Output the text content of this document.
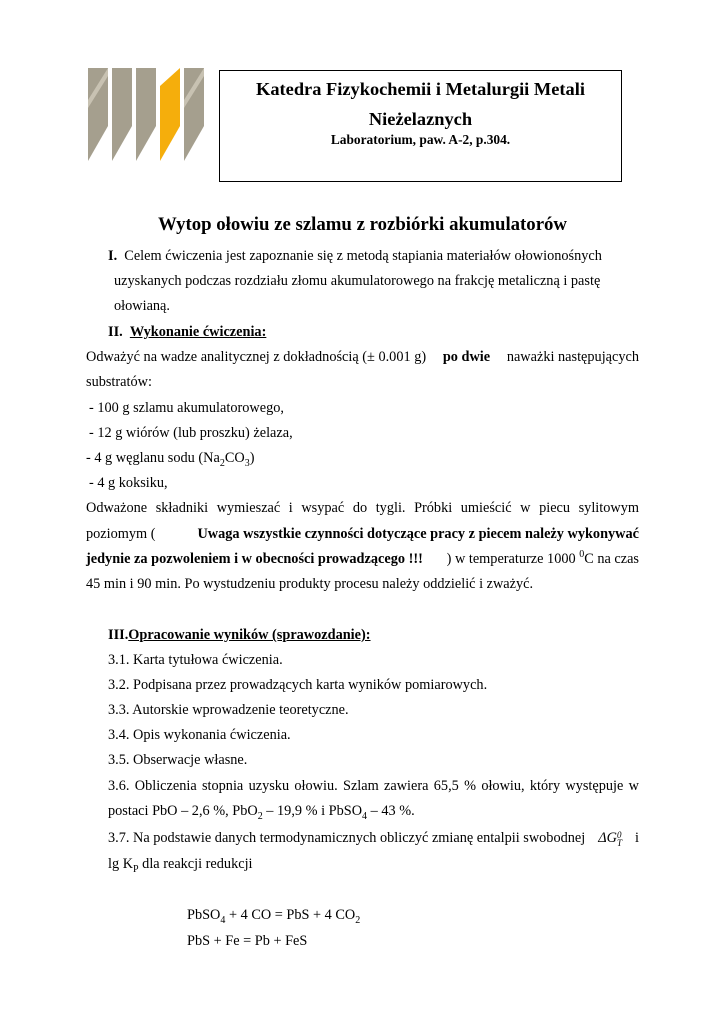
Katedra Fizykochemii i Metalurgii Metali
Nieżelaznych
Laboratorium, paw. A-2, p.304.
Wytop ołowiu ze szlamu z rozbiórki akumulatorów
I. Celem ćwiczenia jest zapoznanie się z metodą stapiania materiałów ołowionośnych
uzyskanych podczas rozdziału złomu akumulatorowego na frakcję metaliczną i pastę
ołowianą.
II. Wykonanie ćwiczenia:
Odważyć na wadze analitycznej z dokładnością (± 0.001 g) po dwie naważki następujących
substratów:
- 100 g szlamu akumulatorowego,
- 12 g wiórów (lub proszku) żelaza,
- 4 g węglanu sodu $(Na_2CO_3)$
- 4 g koksiku,
Odważone składniki wymieszać i wsypać do tygli. Próbki umieścić w piecu sylitowym
poziomym (	Uwaga wszystkie czynności dotyczące pracy z piecem należy wykonywać
jedynie za pozwoleniem i w obecności prowadzącego !!! ) w temperaturze 1000 $^0$C na czas
45 min i 90 min. Po wystudzeniu produkty procesu należy oddzielić i zważyć.
III.Opracowanie wyników (sprawozdanie):
3.1. Karta tytułowa ćwiczenia.
3.2. Podpisana przez prowadzących karta wyników pomiarowych.
3.3. Autorskie wprowadzenie teoretyczne.
3.4. Opis wykonania ćwiczenia.
3.5. Obserwacje własne.
3.6. Obliczenia stopnia uzysku ołowiu. Szlam zawiera 65,5 % ołowiu, który występuje w
postaci PbO – 2,6 %, PbO$_2$ – 19,9 % i PbSO$_4$ – 43 %.
3.7. Na podstawie danych termodynamicznych obliczyć zmianę entalpii swobodnej ΔG 0
T i
$\lg K_P$ dla reakcji redukcji
PbSO$_4$ + 4 CO = PbS + 4 $CO_2$
PbS + Fe = Pb + FeS
